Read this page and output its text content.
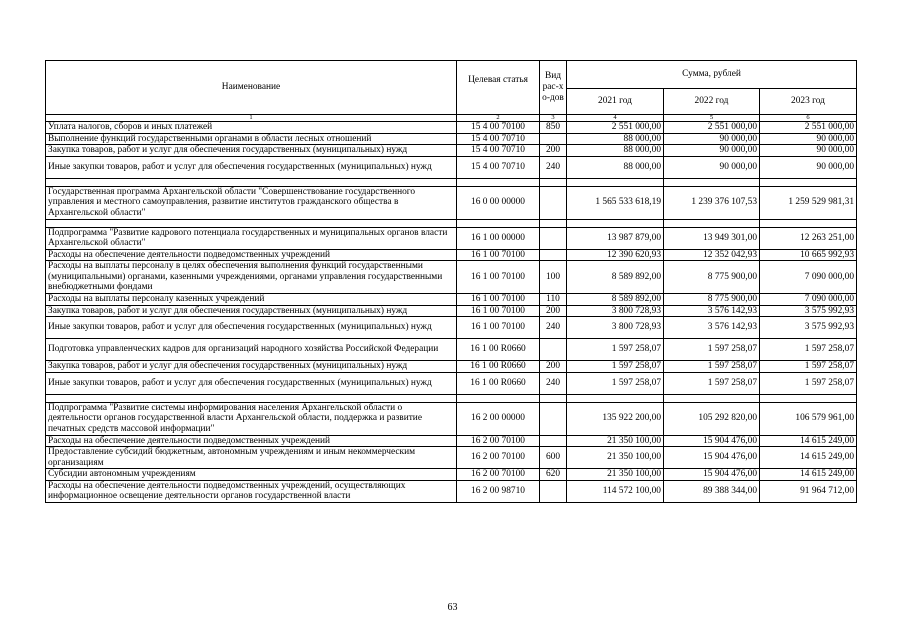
Наименование	Целевая статья	Вид рас-хо-дов	Сумма, рублей		
			2021 год	2022 год	2023 год
1	2	3	4	5	6
Уплата налогов, сборов и иных платежей	15 4 00 70100	850	2 551 000,00	2 551 000,00	2 551 000,00
Выполнение функций государственными органами в области лесных отношений	15 4 00 70710		88 000,00	90 000,00	90 000,00
Закупка товаров, работ и услуг для обеспечения государственных (муниципальных) нужд	15 4 00 70710	200	88 000,00	90 000,00	90 000,00
Иные закупки товаров, работ и услуг для обеспечения государственных (муниципальных) нужд	15 4 00 70710	240	88 000,00	90 000,00	90 000,00

Государственная программа Архангельской области "Совершенствование государственного управления и местного самоуправления, развитие институтов гражданского общества в Архангельской области"	16 0 00 00000		1 565 533 618,19	1 239 376 107,53	1 259 529 981,31

Подпрограмма "Развитие кадрового потенциала государственных и муниципальных органов власти Архангельской области"	16 1 00 00000		13 987 879,00	13 949 301,00	12 263 251,00
Расходы на обеспечение деятельности подведомственных учреждений	16 1 00 70100		12 390 620,93	12 352 042,93	10 665 992,93
Расходы на выплаты персоналу в целях обеспечения выполнения функций государственными (муниципальными) органами, казенными учреждениями, органами управления государственными внебюджетными фондами	16 1 00 70100	100	8 589 892,00	8 775 900,00	7 090 000,00
Расходы на выплаты персоналу казенных учреждений	16 1 00 70100	110	8 589 892,00	8 775 900,00	7 090 000,00
Закупка товаров, работ и услуг для обеспечения государственных (муниципальных) нужд	16 1 00 70100	200	3 800 728,93	3 576 142,93	3 575 992,93
Иные закупки товаров, работ и услуг для обеспечения государственных (муниципальных) нужд	16 1 00 70100	240	3 800 728,93	3 576 142,93	3 575 992,93
Подготовка управленческих кадров для организаций народного хозяйства Российской Федерации	16 1 00 R0660		1 597 258,07	1 597 258,07	1 597 258,07
Закупка товаров, работ и услуг для обеспечения государственных (муниципальных) нужд	16 1 00 R0660	200	1 597 258,07	1 597 258,07	1 597 258,07
Иные закупки товаров, работ и услуг для обеспечения государственных (муниципальных) нужд	16 1 00 R0660	240	1 597 258,07	1 597 258,07	1 597 258,07

Подпрограмма "Развитие системы информирования населения Архангельской области о деятельности органов государственной власти Архангельской области, поддержка и развитие печатных средств массовой информации"	16 2 00 00000		135 922 200,00	105 292 820,00	106 579 961,00
Расходы на обеспечение деятельности подведомственных учреждений	16 2 00 70100		21 350 100,00	15 904 476,00	14 615 249,00
Предоставление субсидий бюджетным, автономным учреждениям и иным некоммерческим организациям	16 2 00 70100	600	21 350 100,00	15 904 476,00	14 615 249,00
Субсидии автономным учреждениям	16 2 00 70100	620	21 350 100,00	15 904 476,00	14 615 249,00
Расходы на обеспечение деятельности подведомственных учреждений, осуществляющих информационное освещение деятельности органов государственной власти	16 2 00 98710		114 572 100,00	89 388 344,00	91 964 712,00
63
